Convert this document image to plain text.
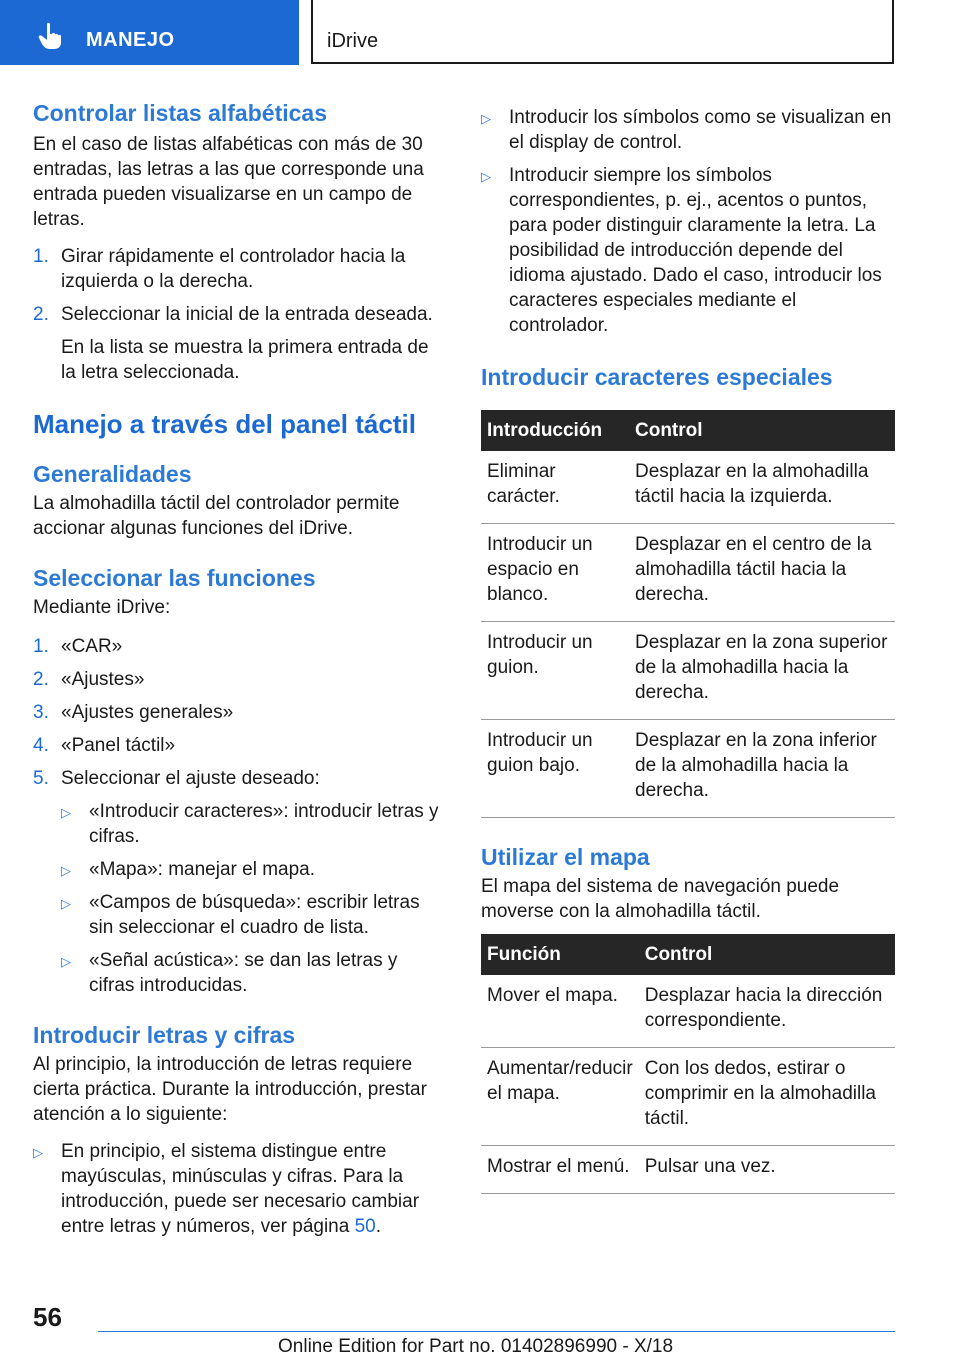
MANEJO	iDrive
Controlar listas alfabéticas

En el caso de listas alfabéticas con más de 30 entradas, las letras a las que corresponde una entrada pueden visualizarse en un campo de letras.

1. Girar rápidamente el controlador hacia la izquierda o la derecha.
2. Seleccionar la inicial de la entrada deseada.
En la lista se muestra la primera entrada de la letra seleccionada.
Manejo a través del panel táctil
Generalidades

La almohadilla táctil del controlador permite accionar algunas funciones del iDrive.

Seleccionar las funciones

Mediante iDrive:

1. «CAR»
2. «Ajustes»
3. «Ajustes generales»
4. «Panel táctil»
5. Seleccionar el ajuste deseado:
▷ «Introducir caracteres»: introducir letras y cifras.
▷ «Mapa»: manejar el mapa.
▷ «Campos de búsqueda»: escribir letras sin seleccionar el cuadro de lista.
▷ «Señal acústica»: se dan las letras y cifras introducidas.
Introducir letras y cifras

Al principio, la introducción de letras requiere cierta práctica. Durante la introducción, prestar atención a lo siguiente:

▷ En principio, el sistema distingue entre mayúsculas, minúsculas y cifras. Para la introducción, puede ser necesario cambiar entre letras y números, ver página 50.
▷ Introducir los símbolos como se visualizan en el display de control.
▷ Introducir siempre los símbolos correspondientes, p. ej., acentos o puntos, para poder distinguir claramente la letra. La posibilidad de introducción depende del idioma ajustado. Dado el caso, introducir los caracteres especiales mediante el controlador.
Introducir caracteres especiales
Introducción	Control
Eliminar carácter.	Desplazar en la almohadilla táctil hacia la izquierda.
Introducir un espacio en blanco.	Desplazar en el centro de la almohadilla táctil hacia la derecha.
Introducir un guion.	Desplazar en la zona superior de la almohadilla hacia la derecha.
Introducir un guion bajo.	Desplazar en la zona inferior de la almohadilla hacia la derecha.
Utilizar el mapa

El mapa del sistema de navegación puede moverse con la almohadilla táctil.

Función	Control
Mover el mapa.	Desplazar hacia la dirección correspondiente.
Aumentar/reducir el mapa.	Con los dedos, estirar o comprimir en la almohadilla táctil.
Mostrar el menú.	Pulsar una vez.
56
Online Edition for Part no. 01402896990 - X/18
